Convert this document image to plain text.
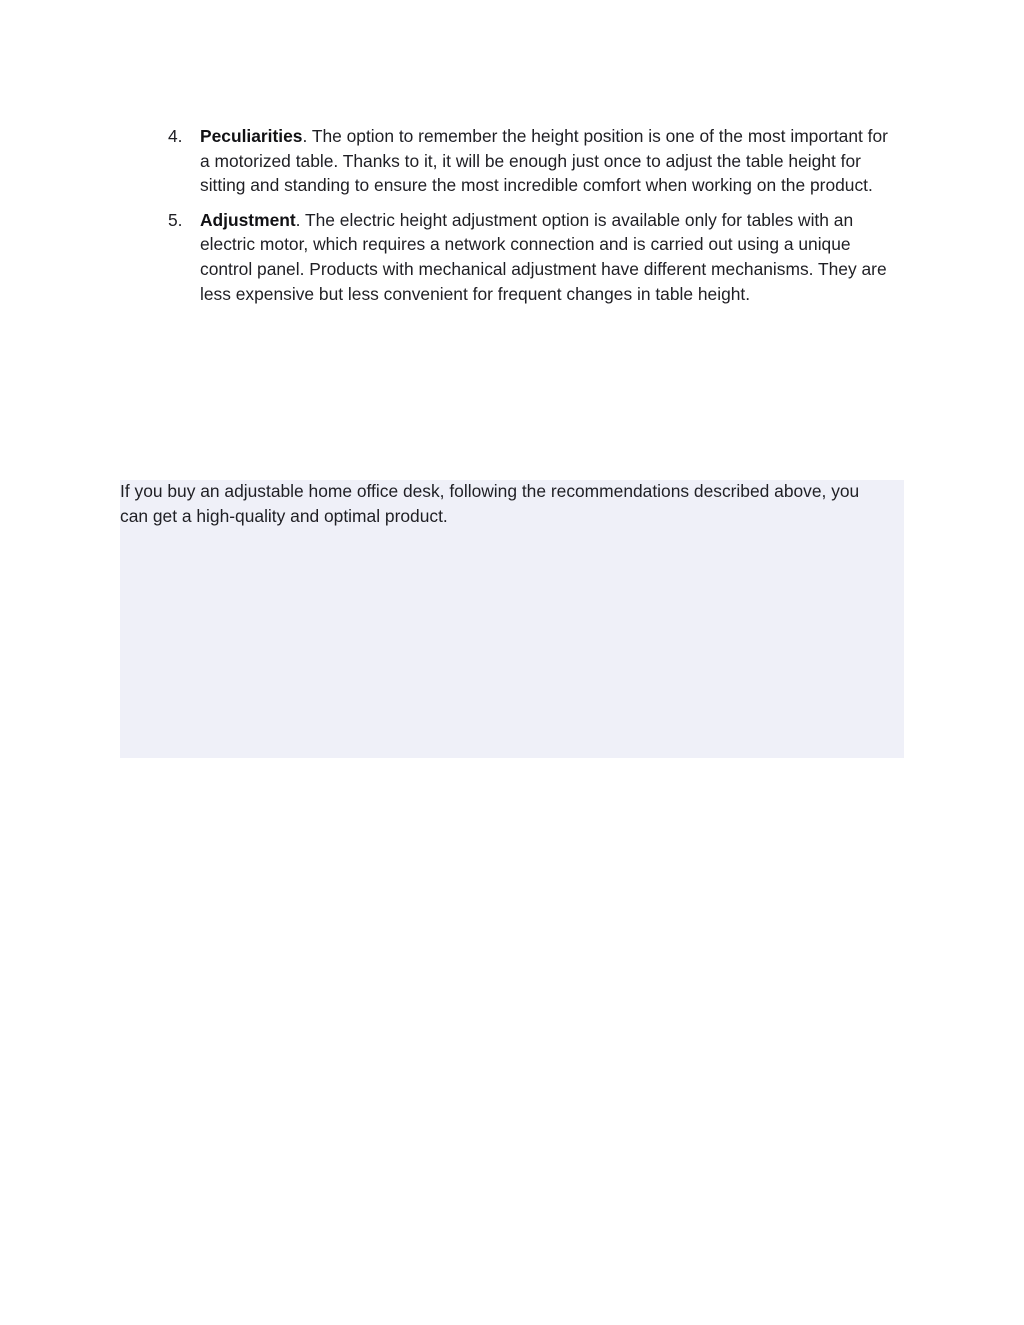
4. Peculiarities. The option to remember the height position is one of the most important for a motorized table. Thanks to it, it will be enough just once to adjust the table height for sitting and standing to ensure the most incredible comfort when working on the product.
5. Adjustment. The electric height adjustment option is available only for tables with an electric motor, which requires a network connection and is carried out using a unique control panel. Products with mechanical adjustment have different mechanisms. They are less expensive but less convenient for frequent changes in table height.

If you buy an adjustable home office desk, following the recommendations described above, you can get a high-quality and optimal product.
